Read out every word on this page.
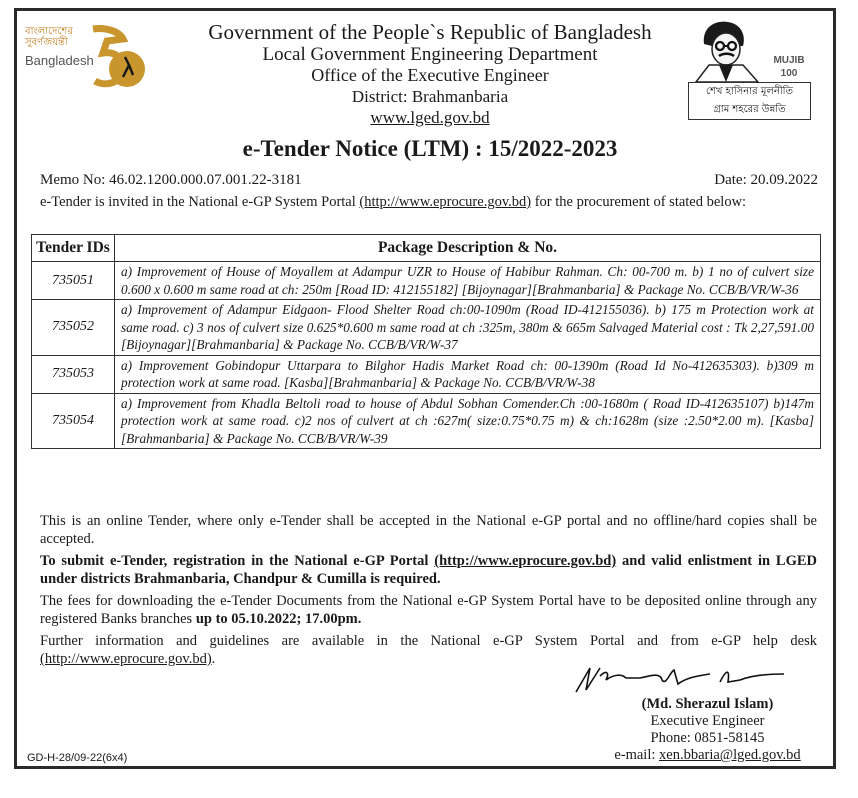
বাংলাদেশের
সুবর্ণজয়ন্তী
Bangladesh
Government of the People`s Republic of Bangladesh
Local Government Engineering Department
Office of the Executive Engineer
District: Brahmanbaria
www.lged.gov.bd
MUJIB 100
শেখ হাসিনার মূলনীতি
গ্রাম শহরের উন্নতি
e-Tender Notice (LTM) : 15/2022-2023
Memo No: 46.02.1200.000.07.001.22-3181	Date: 20.09.2022
e-Tender is invited in the National e-GP System Portal (http://www.eprocure.gov.bd) for the procurement of stated below:
Tender IDs	Package Description & No.
735051	a) Improvement of House of Moyallem at Adampur UZR to House of Habibur Rahman. Ch: 00-700 m. b) 1 no of culvert size 0.600 x 0.600 m same road at ch: 250m [Road ID: 412155182] [Bijoynagar][Brahmanbaria] & Package No. CCB/B/VR/W-36
735052	a) Improvement of Adampur Eidgaon- Flood Shelter Road ch:00-1090m (Road ID-412155036). b) 175 m Protection work at same road. c) 3 nos of culvert size 0.625*0.600 m same road at ch :325m, 380m & 665m Salvaged Material cost : Tk 2,27,591.00 [Bijoynagar][Brahmanbaria] & Package No. CCB/B/VR/W-37
735053	a) Improvement Gobindopur Uttarpara to Bilghor Hadis Market Road ch: 00-1390m (Road Id No-412635303). b)309 m protection work at same road. [Kasba][Brahmanbaria] & Package No. CCB/B/VR/W-38
735054	a) Improvement from Khadla Beltoli road to house of Abdul Sobhan Comender.Ch :00-1680m ( Road ID-412635107) b)147m protection work at same road. c)2 nos of culvert at ch :627m( size:0.75*0.75 m) & ch:1628m (size :2.50*2.00 m). [Kasba][Brahmanbaria] & Package No. CCB/B/VR/W-39

This is an online Tender, where only e-Tender shall be accepted in the National e-GP portal and no offline/hard copies shall be accepted.

To submit e-Tender, registration in the National e-GP Portal (http://www.eprocure.gov.bd) and valid enlistment in LGED under districts Brahmanbaria, Chandpur & Cumilla is required.

The fees for downloading the e-Tender Documents from the National e-GP System Portal have to be deposited online through any registered Banks branches up to 05.10.2022; 17.00pm.

Further information and guidelines are available in the National e-GP System Portal and from e-GP help desk (http://www.eprocure.gov.bd).

(Md. Sherazul Islam)
Executive Engineer
Phone: 0851-58145
e-mail: xen.bbaria@lged.gov.bd
GD-H-28/09-22(6x4)
